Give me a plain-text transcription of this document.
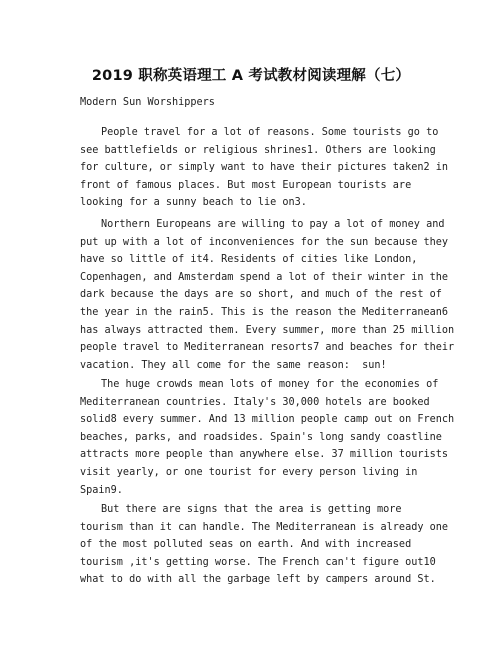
2019 职称英语理工 A 考试教材阅读理解（七）
Modern Sun Worshippers
People travel for a lot of reasons. Some tourists go to
see battlefields or religious shrines1. Others are looking
for culture, or simply want to have their pictures taken2 in
front of famous places. But most European tourists are
looking for a sunny beach to lie on3.
Northern Europeans are willing to pay a lot of money and
put up with a lot of inconveniences for the sun because they
have so little of it4. Residents of cities like London,
Copenhagen, and Amsterdam spend a lot of their winter in the
dark because the days are so short, and much of the rest of
the year in the rain5. This is the reason the Mediterranean6
has always attracted them. Every summer, more than 25 million
people travel to Mediterranean resorts7 and beaches for their
vacation. They all come for the same reason:  sun!
The huge crowds mean lots of money for the economies of
Mediterranean countries. Italy's 30,000 hotels are booked
solid8 every summer. And 13 million people camp out on French
beaches, parks, and roadsides. Spain's long sandy coastline
attracts more people than anywhere else. 37 million tourists
visit yearly, or one tourist for every person living in
Spain9.
But there are signs that the area is getting more
tourism than it can handle. The Mediterranean is already one
of the most polluted seas on earth. And with increased
tourism ,it's getting worse. The French can't figure out10
what to do with all the garbage left by campers around St.
